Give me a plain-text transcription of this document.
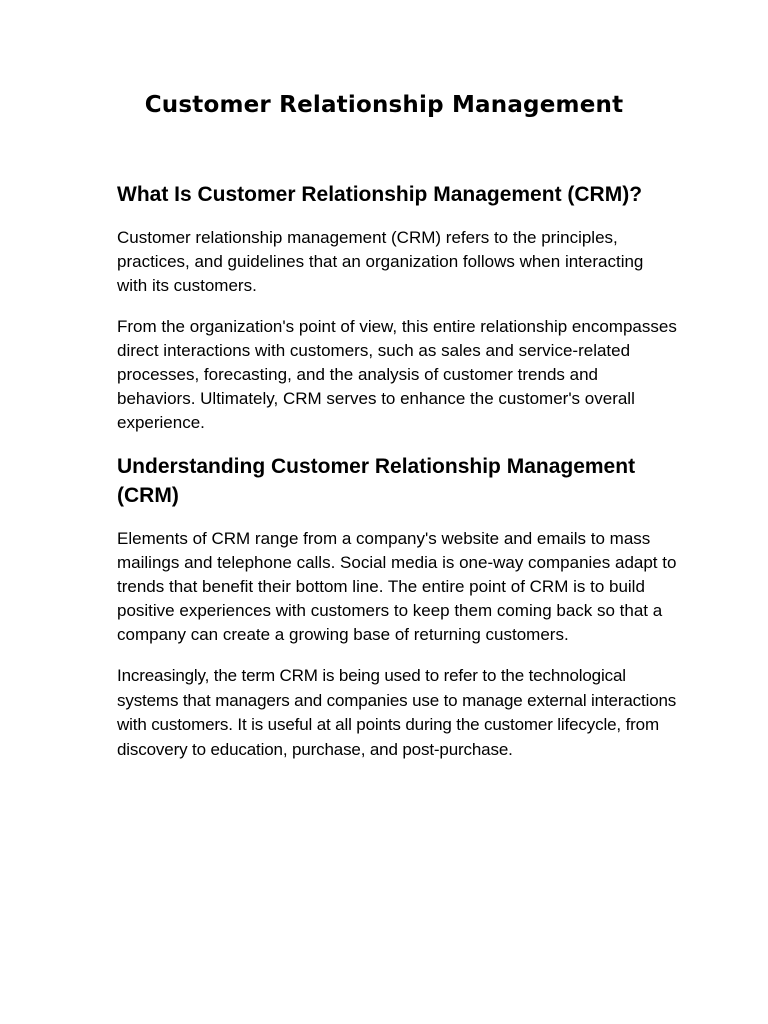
Customer Relationship Management
What Is Customer Relationship Management (CRM)?

Customer relationship management (CRM) refers to the principles, practices, and guidelines that an organization follows when interacting with its customers.

From the organization's point of view, this entire relationship encompasses direct interactions with customers, such as sales and service-related processes, forecasting, and the analysis of customer trends and behaviors. Ultimately, CRM serves to enhance the customer's overall experience.

Understanding Customer Relationship Management (CRM)

Elements of CRM range from a company's website and emails to mass mailings and telephone calls. Social media is one-way companies adapt to trends that benefit their bottom line. The entire point of CRM is to build positive experiences with customers to keep them coming back so that a company can create a growing base of returning customers.

Increasingly, the term CRM is being used to refer to the technological systems that managers and companies use to manage external interactions with customers. It is useful at all points during the customer lifecycle, from discovery to education, purchase, and post-purchase.
